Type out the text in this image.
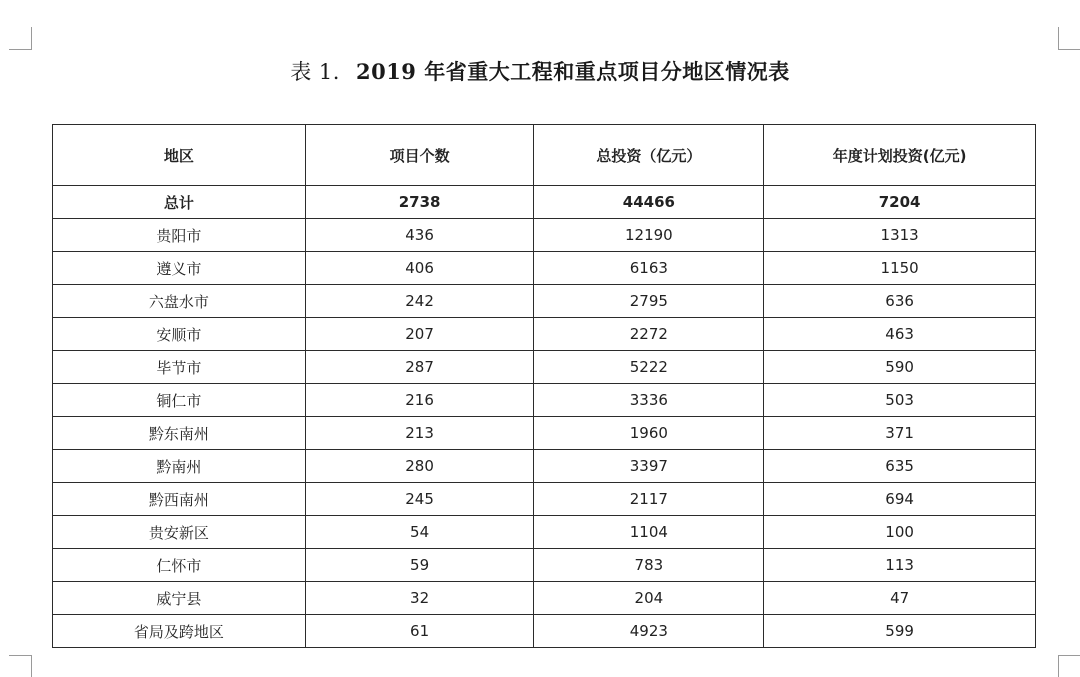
表 1. 2019 年省重大工程和重点项目分地区情况表
地区	项目个数	总投资（亿元）	年度计划投资(亿元)
总计	2738	44466	7204
贵阳市	436	12190	1313
遵义市	406	6163	1150
六盘水市	242	2795	636
安顺市	207	2272	463
毕节市	287	5222	590
铜仁市	216	3336	503
黔东南州	213	1960	371
黔南州	280	3397	635
黔西南州	245	2117	694
贵安新区	54	1104	100
仁怀市	59	783	113
威宁县	32	204	47
省局及跨地区	61	4923	599
